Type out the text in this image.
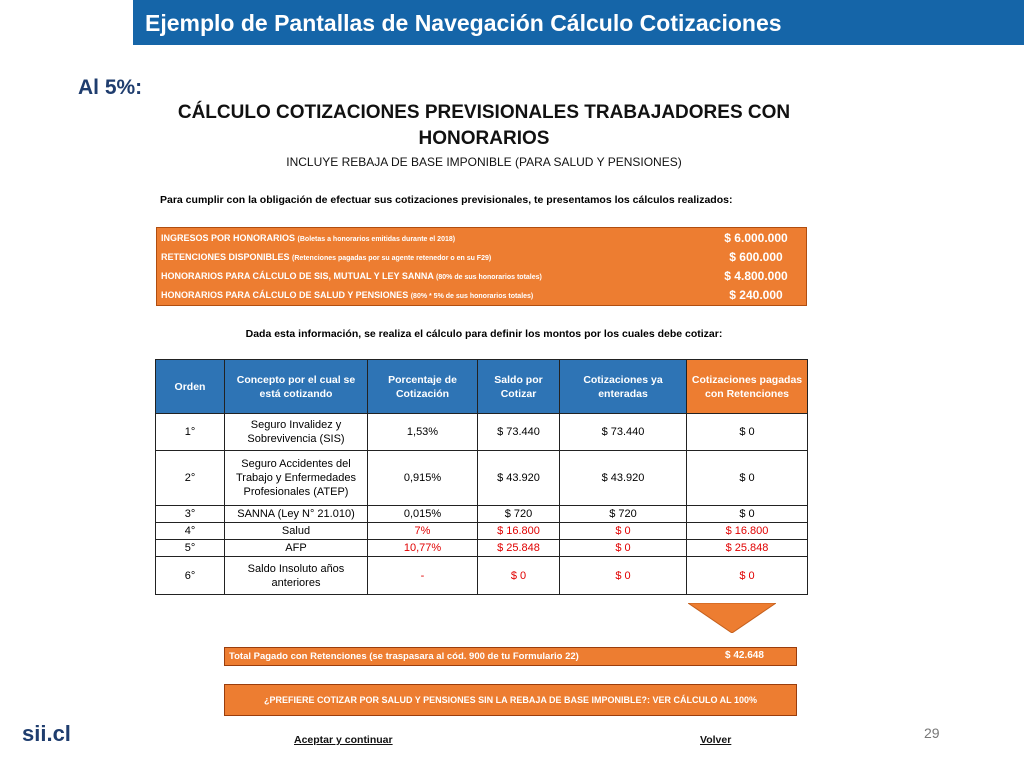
Ejemplo de Pantallas de Navegación Cálculo Cotizaciones
Al 5%:
CÁLCULO COTIZACIONES PREVISIONALES TRABAJADORES CON
HONORARIOS
INCLUYE REBAJA DE BASE IMPONIBLE (PARA SALUD Y PENSIONES)
Para cumplir con la obligación de efectuar sus cotizaciones previsionales, te presentamos los cálculos realizados:
INGRESOS POR HONORARIOS (Boletas a honorarios emitidas durante el 2018)	$ 6.000.000
RETENCIONES DISPONIBLES (Retenciones pagadas por su agente retenedor o en su F29)	$ 600.000
HONORARIOS PARA CÁLCULO DE SIS, MUTUAL Y LEY SANNA (80% de sus honorarios totales)	$ 4.800.000
HONORARIOS PARA CÁLCULO DE SALUD Y PENSIONES (80% * 5% de sus honorarios totales)	$ 240.000
Dada esta información, se realiza el cálculo para definir los montos por los cuales debe cotizar:
Orden	Concepto por el cual se está cotizando	Porcentaje de Cotización	Saldo por Cotizar	Cotizaciones ya enteradas	Cotizaciones pagadas con Retenciones
1°	Seguro Invalidez y Sobrevivencia (SIS)	1,53%	$ 73.440	$ 73.440	$ 0
2°	Seguro Accidentes del Trabajo y Enfermedades Profesionales (ATEP)	0,915%	$ 43.920	$ 43.920	$ 0
3°	SANNA (Ley N° 21.010)	0,015%	$ 720	$ 720	$ 0
4°	Salud	7%	$ 16.800	$ 0	$ 16.800
5°	AFP	10,77%	$ 25.848	$ 0	$ 25.848
6°	Saldo Insoluto años anteriores	-	$ 0	$ 0	$ 0
Total Pagado con Retenciones (se traspasara al cód. 900 de tu Formulario 22)	$ 42.648
¿PREFIERE COTIZAR POR SALUD Y PENSIONES SIN LA REBAJA DE BASE IMPONIBLE?: VER CÁLCULO AL 100%
sii.cl	29
Aceptar y continuar	Volver
